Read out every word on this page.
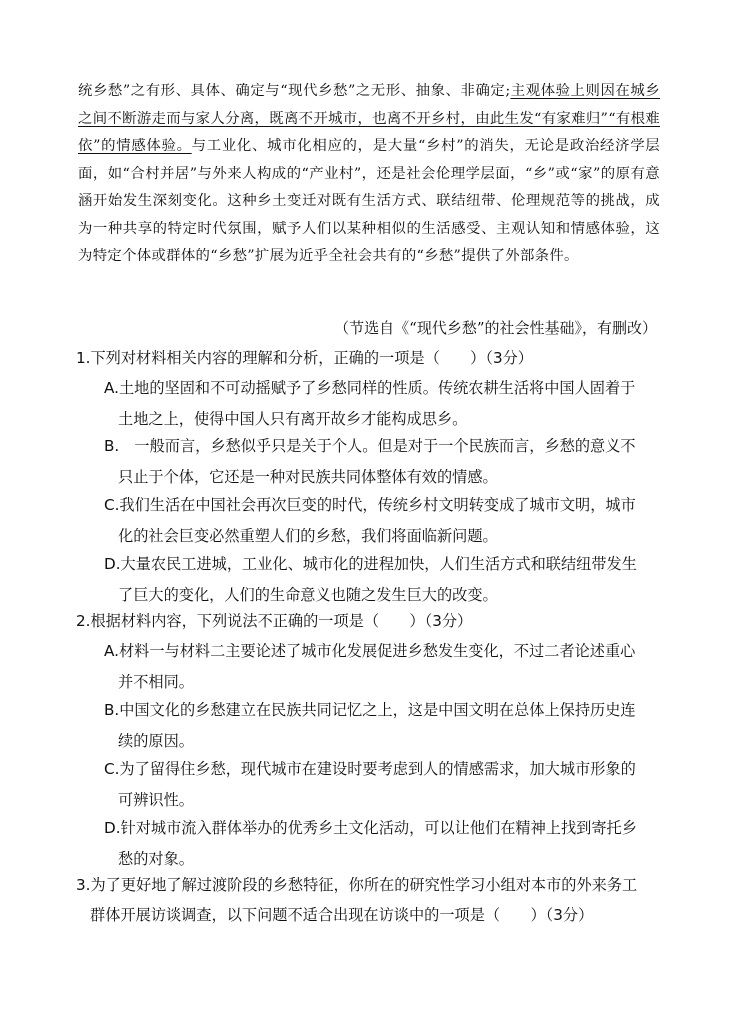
统乡愁”之有形、具体、确定与“现代乡愁”之无形、抽象、非确定;主观体验上则因在城乡之间不断游走而与家人分离，既离不开城市，也离不开乡村，由此生发“有家难归”“有根难依”的情感体验。与工业化、城市化相应的，是大量“乡村”的消失，无论是政治经济学层面，如“合村并居”与外来人构成的“产业村”，还是社会伦理学层面，“乡”或“家”的原有意涵开始发生深刻变化。这种乡土变迁对既有生活方式、联结纽带、伦理规范等的挑战，成为一种共享的特定时代氛围，赋予人们以某种相似的生活感受、主观认知和情感体验，这为特定个体或群体的“乡愁”扩展为近乎全社会共有的“乡愁”提供了外部条件。
（节选自《“现代乡愁”的社会性基础》，有删改）
1.下列对材料相关内容的理解和分析，正确的一项是（　　）（3分）
A.土地的坚固和不可动摇赋予了乡愁同样的性质。传统农耕生活将中国人固着于
土地之上，使得中国人只有离开故乡才能构成思乡。
B.　一般而言，乡愁似乎只是关于个人。但是对于一个民族而言，乡愁的意义不
只止于个体，它还是一种对民族共同体整体有效的情感。
C.我们生活在中国社会再次巨变的时代，传统乡村文明转变成了城市文明，城市
化的社会巨变必然重塑人们的乡愁，我们将面临新问题。
D.大量农民工进城，工业化、城市化的进程加快，人们生活方式和联结纽带发生
了巨大的变化，人们的生命意义也随之发生巨大的改变。
2.根据材料内容，下列说法不正确的一项是（　　）（3分）
A.材料一与材料二主要论述了城市化发展促进乡愁发生变化，不过二者论述重心
并不相同。
B.中国文化的乡愁建立在民族共同记忆之上，这是中国文明在总体上保持历史连
续的原因。
C.为了留得住乡愁，现代城市在建设时要考虑到人的情感需求，加大城市形象的
可辨识性。
D.针对城市流入群体举办的优秀乡土文化活动，可以让他们在精神上找到寄托乡
愁的对象。
3.为了更好地了解过渡阶段的乡愁特征，你所在的研究性学习小组对本市的外来务工
群体开展访谈调查，以下问题不适合出现在访谈中的一项是（　　）（3分）
